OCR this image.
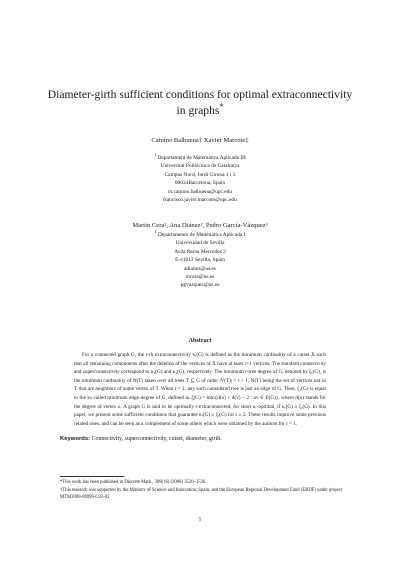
Diameter-girth sufficient conditions for optimal extraconnectivity
in graphs*
Camino Balbuena† Xavier Marcote‡
$^1$ Departament de Matemàtica Aplicada III
Universitat Politècnica de Catalunya
Campus Nord, Jordi Girona 1 i 3
08034Barcelona, Spain
m.camino.balbuena@upc.edu
francisco.javier.marcote@upc.edu
Martín Cera², Ana Diánez², Pedro García-Vázquez²
$^2$ Departamento de Matemática Aplicada I
Universidad de Sevilla
Avda Reina Mercedes 2
E-41012 Sevilla, Spain
adianez@us.es
mcera@us.es
pgvazquez@us.es
Abstract
For a connected graph G, the r-th extraconnectivity κᵣ(G) is defined as the minimum cardinality of a cutset X such that all remaining components after the deletion of the vertices of X have at least r+1 vertices. The standard connectivity and superconnectivity correspond to κ₀(G) and κ₁(G), respectively. The minimum r-tree degree of G, denoted by ξᵣ(G), is the minimum cardinality of N(T) taken over all trees T ⊆ G of order |V(T)| = r + 1, N(T) being the set of vertices not in T that are neighbors of some vertex of T. When r = 1, any such considered tree is just an edge of G. Then, ξ₁(G) is equal to the so called minimum edge-degree of G, defined as ξ(G) = min{d(u) + d(v) − 2 : uv ∈ E(G)}, where d(u) stands for the degree of vertex u. A graph G is said to be optimally r-extraconnected, for short κᵣ-optimal, if κᵣ(G) ≥ ξᵣ(G). In this paper, we present some sufficient conditions that guarantee κᵣ(G) ≥ ξᵣ(G) for r ≥ 2. These results improve some previous related ones, and can be seen as a complement of some others which were obtained by the authors for r = 1.
Keywords: Connectivity, superconnectivity, cutset, diameter, girth.
*This work has been published in Discrete Math., 308(16) (2008) 3526–3536.
†This research was supported by the Ministry of Science and Innovation, Spain, and the European Regional Development Fund (ERDF) under project MTM2008-06990-C02-02
1
